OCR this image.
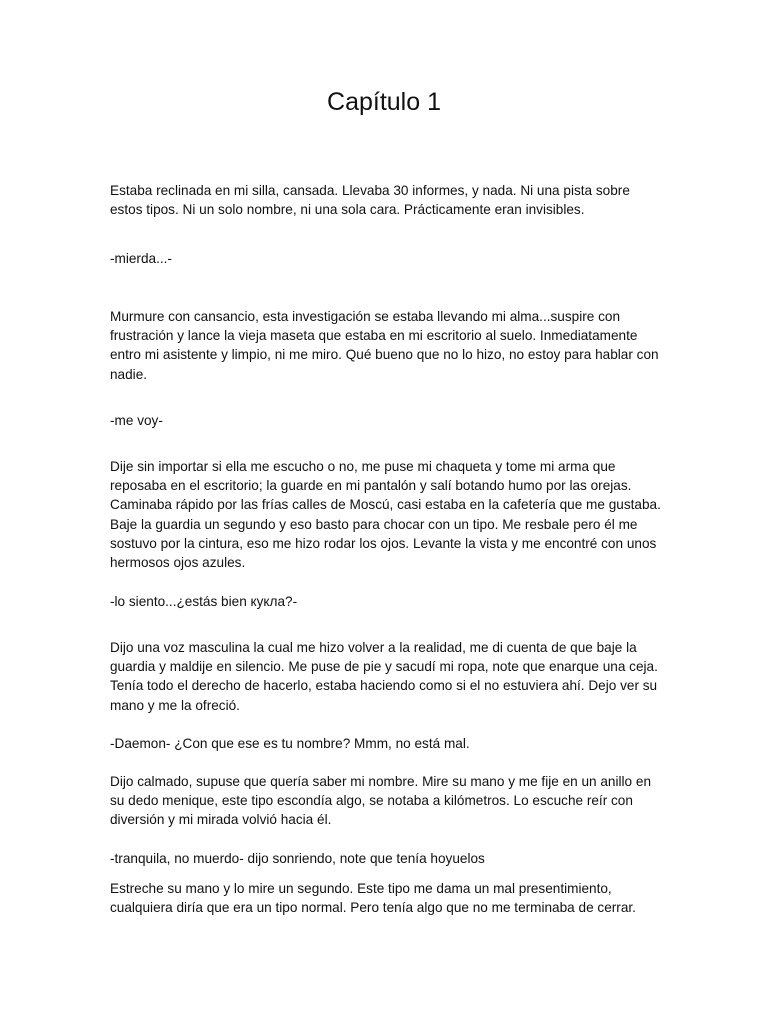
Capítulo 1

Estaba reclinada en mi silla, cansada. Llevaba 30 informes, y nada. Ni una pista sobre estos tipos. Ni un solo nombre, ni una sola cara. Prácticamente eran invisibles.

-mierda...-

Murmure con cansancio, esta investigación se estaba llevando mi alma...suspire con frustración y lance la vieja maseta que estaba en mi escritorio al suelo. Inmediatamente entro mi asistente y limpio, ni me miro. Qué bueno que no lo hizo, no estoy para hablar con nadie.

-me voy-

Dije sin importar si ella me escucho o no, me puse mi chaqueta y tome mi arma que reposaba en el escritorio; la guarde en mi pantalón y salí botando humo por las orejas. Caminaba rápido por las frías calles de Moscú, casi estaba en la cafetería que me gustaba. Baje la guardia un segundo y eso basto para chocar con un tipo. Me resbale pero él me sostuvo por la cintura, eso me hizo rodar los ojos. Levante la vista y me encontré con unos hermosos ojos azules.

-lo siento...¿estás bien кукла?-

Dijo una voz masculina la cual me hizo volver a la realidad, me di cuenta de que baje la guardia y maldije en silencio. Me puse de pie y sacudí mi ropa, note que enarque una ceja. Tenía todo el derecho de hacerlo, estaba haciendo como si el no estuviera ahí. Dejo ver su mano y me la ofreció.

-Daemon- ¿Con que ese es tu nombre? Mmm, no está mal.

Dijo calmado, supuse que quería saber mi nombre. Mire su mano y me fije en un anillo en su dedo menique, este tipo escondía algo, se notaba a kilómetros. Lo escuche reír con diversión y mi mirada volvió hacia él.

-tranquila, no muerdo- dijo sonriendo, note que tenía hoyuelos

Estreche su mano y lo mire un segundo. Este tipo me dama un mal presentimiento, cualquiera diría que era un tipo normal. Pero tenía algo que no me terminaba de cerrar.
